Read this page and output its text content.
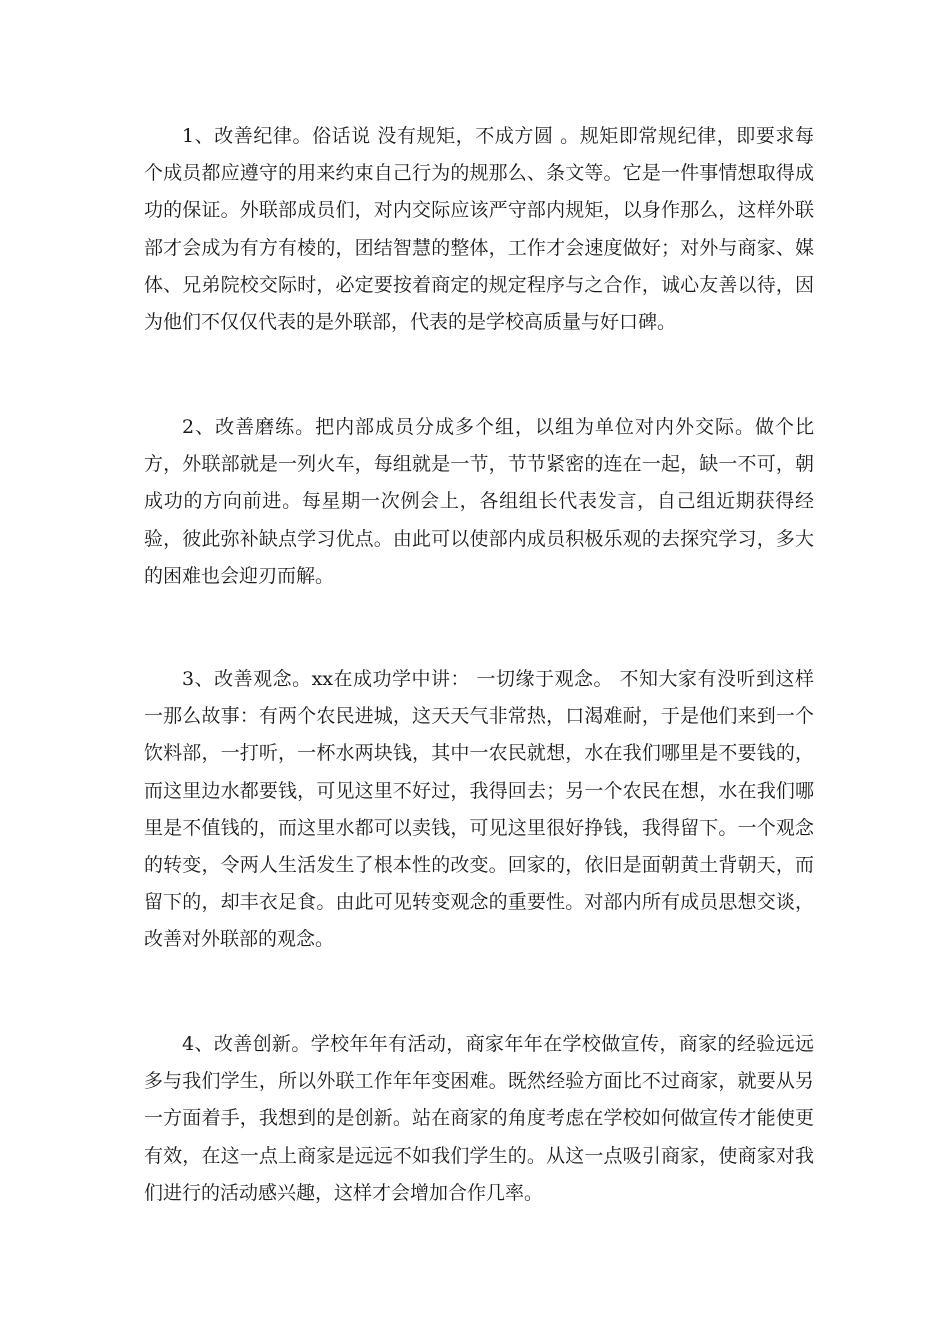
1、改善纪律。俗话说 没有规矩，不成方圆 。规矩即常规纪律，即要求每个成员都应遵守的用来约束自己行为的规那么、条文等。它是一件事情想取得成功的保证。外联部成员们，对内交际应该严守部内规矩，以身作那么，这样外联部才会成为有方有棱的，团结智慧的整体，工作才会速度做好；对外与商家、媒体、兄弟院校交际时，必定要按着商定的规定程序与之合作，诚心友善以待，因为他们不仅仅代表的是外联部，代表的是学校高质量与好口碑。

2、改善磨练。把内部成员分成多个组，以组为单位对内外交际。做个比方，外联部就是一列火车，每组就是一节，节节紧密的连在一起，缺一不可，朝成功的方向前进。每星期一次例会上，各组组长代表发言，自己组近期获得经验，彼此弥补缺点学习优点。由此可以使部内成员积极乐观的去探究学习，多大的困难也会迎刃而解。

3、改善观念。xx在成功学中讲： 一切缘于观念。 不知大家有没听到这样一那么故事：有两个农民进城，这天天气非常热，口渴难耐，于是他们来到一个饮料部，一打听，一杯水两块钱，其中一农民就想，水在我们哪里是不要钱的，而这里边水都要钱，可见这里不好过，我得回去；另一个农民在想，水在我们哪里是不值钱的，而这里水都可以卖钱，可见这里很好挣钱，我得留下。一个观念的转变，令两人生活发生了根本性的改变。回家的，依旧是面朝黄土背朝天，而留下的，却丰衣足食。由此可见转变观念的重要性。对部内所有成员思想交谈，改善对外联部的观念。

4、改善创新。学校年年有活动，商家年年在学校做宣传，商家的经验远远多与我们学生，所以外联工作年年变困难。既然经验方面比不过商家，就要从另一方面着手，我想到的是创新。站在商家的角度考虑在学校如何做宣传才能使更有效，在这一点上商家是远远不如我们学生的。从这一点吸引商家，使商家对我们进行的活动感兴趣，这样才会增加合作几率。
